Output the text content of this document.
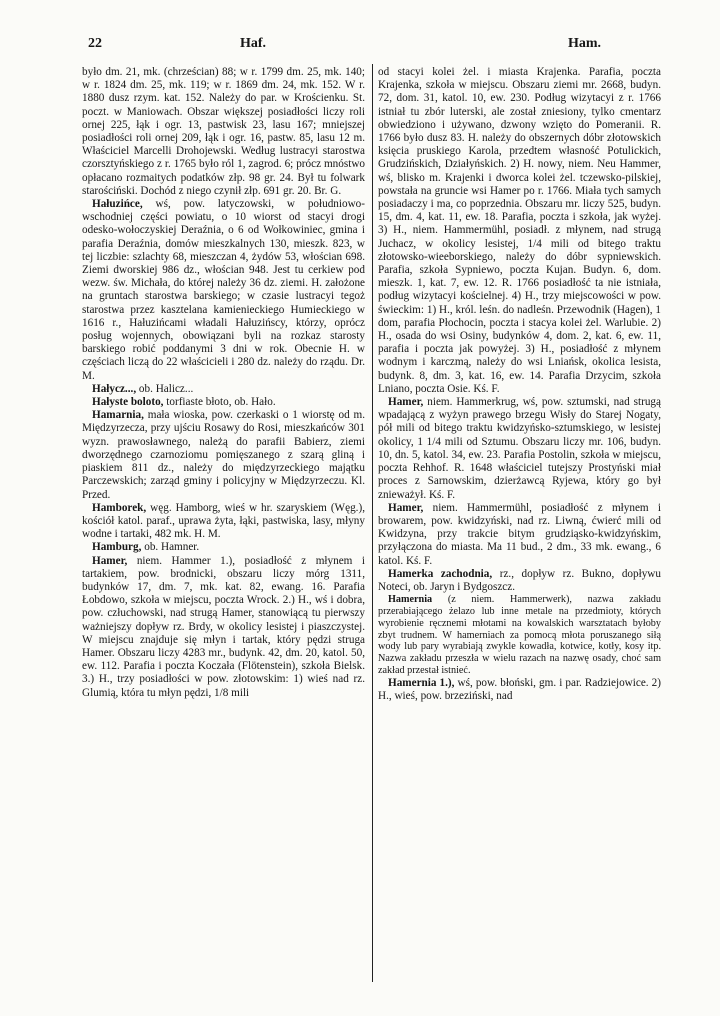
22	Haf.	Ham.

było dm. 21, mk. (chrześcian) 88; w r. 1799 dm. 25, mk. 140; w r. 1824 dm. 25, mk. 119; w r. 1869 dm. 24, mk. 152. W r. 1880 dusz rzym. kat. 152. Należy do par. w Krościenku. St. poczt. w Maniowach. Obszar większej posiadłości liczy roli ornej 225, łąk i ogr. 13, pastwisk 23, lasu 167; mniejszej posiadłości roli ornej 209, łąk i ogr. 16, pastw. 85, lasu 12 m. Właściciel Marcelli Drohojewski. Według lustracyi starostwa czorsztyńskiego z r. 1765 było ról 1, zagrod. 6; prócz mnóstwo opłacano rozmaitych podatków złp. 98 gr. 24. Był tu folwark starościński. Dochód z niego czynił złp. 691 gr. 20. Br. G.

Hałuzińce, wś, pow. latyczowski, w południowo-wschodniej części powiatu, o 10 wiorst od stacyi drogi odesko-wołoczyskiej Deraźnia, o 6 od Wołkowiniec, gmina i parafia Deraźnia, domów mieszkalnych 130, mieszk. 823, w tej liczbie: szlachty 68, mieszczan 4, żydów 53, włościan 698. Ziemi dworskiej 986 dz., włościan 948. Jest tu cerkiew pod wezw. św. Michała, do której należy 36 dz. ziemi. H. założone na gruntach starostwa barskiego; w czasie lustracyi tegoż starostwa przez kasztelana kamienieckiego Humieckiego w 1616 r., Hałuzińcami władali Hałuzińscy, którzy, oprócz posług wojennych, obowiązani byli na rozkaz starosty barskiego robić poddanymi 3 dni w rok. Obecnie H. w częściach liczą do 22 właścicieli i 280 dz. należy do rządu. Dr. M.

Hałycz..., ob. Halicz...

Hałyste boloto, torfiaste błoto, ob. Hało.

Hamarnia, mała wioska, pow. czerkaski o 1 wiorstę od m. Międzyrzecza, przy ujściu Rosawy do Rosi, mieszkańców 301 wyzn. prawosławnego, należą do parafii Babierz, ziemi dworzędnego czarnoziomu pomięszanego z szarą gliną i piaskiem 811 dz., należy do międzyrzeckiego majątku Parczewskich; zarząd gminy i policyjny w Międzyrzeczu. Kl. Przed.

Hamborek, węg. Hamborg, wieś w hr. szaryskiem (Węg.), kościół katol. paraf., uprawa żyta, łąki, pastwiska, lasy, młyny wodne i tartaki, 482 mk. H. M.

Hamburg, ob. Hamner.

Hamer, niem. Hammer 1.), posiadłość z młynem i tartakiem, pow. brodnicki, obszaru liczy mórg 1311, budynków 17, dm. 7, mk. kat. 82, ewang. 16. Parafia Łobdowo, szkoła w miejscu, poczta Wrock. 2.) H., wś i dobra, pow. człuchowski, nad strugą Hamer, stanowiącą tu pierwszy ważniejszy dopływ rz. Brdy, w okolicy lesistej i piaszczystej. W miejscu znajduje się młyn i tartak, który pędzi struga Hamer. Obszaru liczy 4283 mr., budynk. 42, dm. 20, katol. 50, ew. 112. Parafia i poczta Koczała (Flötenstein), szkoła Bielsk. 3.) H., trzy posiadłości w pow. złotowskim: 1) wieś nad rz. Glumią, która tu młyn pędzi, 1/8 mili

od stacyi kolei żel. i miasta Krajenka. Parafia, poczta Krajenka, szkoła w miejscu. Obszaru ziemi mr. 2668, budyn. 72, dom. 31, katol. 10, ew. 230. Podług wizytacyi z r. 1766 istniał tu zbór luterski, ale został zniesiony, tylko cmentarz obwiedziono i używano, dzwony wzięto do Pomeranii. R. 1766 było dusz 83. H. należy do obszernych dóbr złotowskich księcia pruskiego Karola, przedtem własność Potulickich, Grudzińskich, Działyńskich. 2) H. nowy, niem. Neu Hammer, wś, blisko m. Krajenki i dworca kolei żel. tczewsko-pilskiej, powstała na gruncie wsi Hamer po r. 1766. Miała tych samych posiadaczy i ma, co poprzednia. Obszaru mr. liczy 525, budyn. 15, dm. 4, kat. 11, ew. 18. Parafia, poczta i szkoła, jak wyżej. 3) H., niem. Hammermühl, posiadł. z młynem, nad strugą Juchacz, w okolicy lesistej, 1/4 mili od bitego traktu złotowsko-wieeborskiego, należy do dóbr sypniewskich. Parafia, szkoła Sypniewo, poczta Kujan. Budyn. 6, dom. mieszk. 1, kat. 7, ew. 12. R. 1766 posiadłość ta nie istniała, podług wizytacyi kościelnej. 4) H., trzy miejscowości w pow. świeckim: 1) H., król. leśn. do nadleśn. Przewodnik (Hagen), 1 dom, parafia Płochocin, poczta i stacya kolei żel. Warlubie. 2) H., osada do wsi Osiny, budynków 4, dom. 2, kat. 6, ew. 11, parafia i poczta jak powyżej. 3) H., posiadłość z młynem wodnym i karczmą, należy do wsi Lniańsk, okolica lesista, budynk. 8, dm. 3, kat. 16, ew. 14. Parafia Drzycim, szkoła Lniano, poczta Osie. Kś. F.

Hamer, niem. Hammerkrug, wś, pow. sztumski, nad strugą wpadającą z wyżyn prawego brzegu Wisły do Starej Nogaty, pół mili od bitego traktu kwidzyńsko-sztumskiego, w lesistej okolicy, 1 1/4 mili od Sztumu. Obszaru liczy mr. 106, budyn. 10, dn. 5, katol. 34, ew. 23. Parafia Postolin, szkoła w miejscu, poczta Rehhof. R. 1648 właściciel tutejszy Prostyński miał proces z Sarnowskim, dzierżawcą Ryjewa, który go był znieważył. Kś. F.

Hamer, niem. Hammermühl, posiadłość z młynem i browarem, pow. kwidzyński, nad rz. Liwną, ćwierć mili od Kwidzyna, przy trakcie bitym grudziąsko-kwidzyńskim, przyłączona do miasta. Ma 11 bud., 2 dm., 33 mk. ewang., 6 katol. Kś. F.

Hamerka zachodnia, rz., dopływ rz. Bukno, dopływu Noteci, ob. Jaryn i Bydgoszcz.

Hamernia (z niem. Hammerwerk), nazwa zakładu przerabiającego żelazo lub inne metale na przedmioty, których wyrobienie ręcznemi młotami na kowalskich warsztatach byłoby zbyt trudnem. W hamerniach za pomocą młota poruszanego siłą wody lub pary wyrabiają zwykle kowadła, kotwice, kotły, kosy itp. Nazwa zakładu przeszła w wielu razach na nazwę osady, choć sam zakład przestał istnieć.

Hamernia 1.), wś, pow. błoński, gm. i par. Radziejowice. 2) H., wieś, pow. brzeziński, nad
